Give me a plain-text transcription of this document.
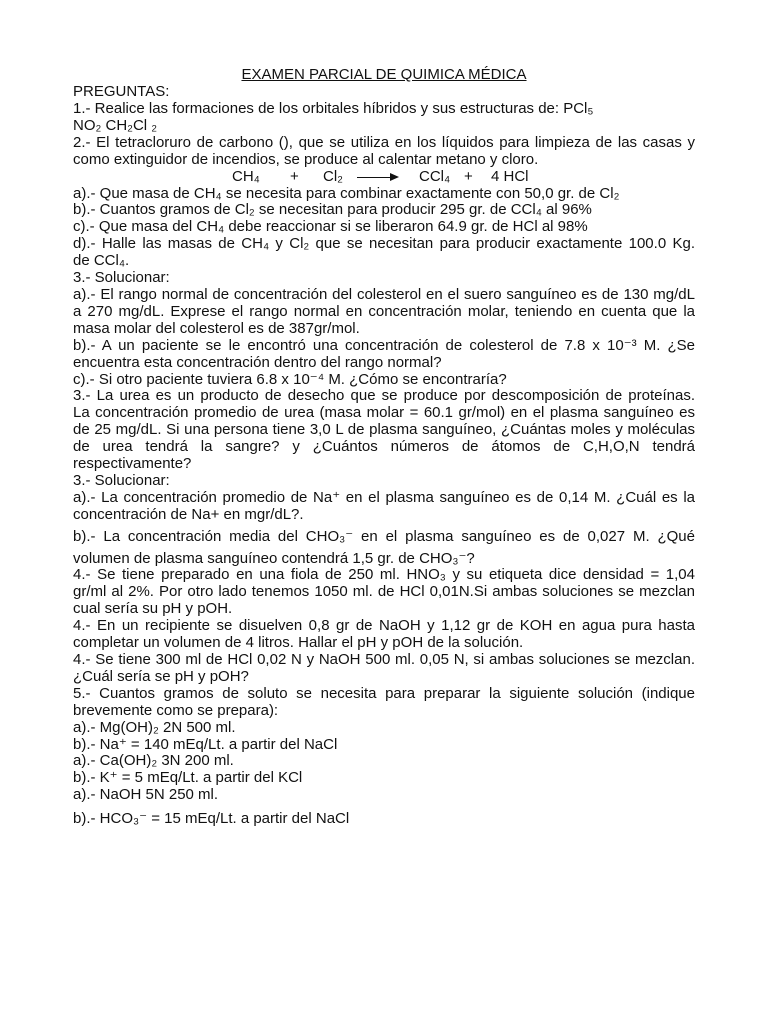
EXAMEN PARCIAL DE QUIMICA MÉDICA
PREGUNTAS:
1.- Realice las formaciones de los orbitales híbridos y sus estructuras de: PCl₅
NO₂ CH₂Cl ₂
2.- El tetracloruro de carbono (), que se utiliza en los líquidos para limpieza de las casas y
como extinguidor de incendios, se produce al calentar metano y cloro.
CH₄ + Cl₂	CCl₄ + 4 HCl
a).- Que masa de CH₄ se necesita para combinar exactamente con 50,0 gr. de Cl₂
b).- Cuantos gramos de Cl₂ se necesitan para producir 295 gr. de CCl₄ al 96%
c).- Que masa del CH₄ debe reaccionar si se liberaron 64.9 gr. de HCl al 98%
d).- Halle las masas de CH₄ y Cl₂ que se necesitan para producir exactamente 100.0 Kg.
de CCl₄.
3.- Solucionar:
a).- El rango normal de concentración del colesterol en el suero sanguíneo es de 130 mg/dL
a 270 mg/dL. Exprese el rango normal en concentración molar, teniendo en cuenta que la
masa molar del colesterol es de 387gr/mol.
b).- A un paciente se le encontró una concentración de colesterol de 7.8 x 10⁻³ M. ¿Se
encuentra esta concentración dentro del rango normal?
c).- Si otro paciente tuviera 6.8 x 10⁻⁴ M. ¿Cómo se encontraría?
3.- La urea es un producto de desecho que se produce por descomposición de proteínas.
La concentración promedio de urea (masa molar = 60.1 gr/mol) en el plasma sanguíneo es
de 25 mg/dL. Si una persona tiene 3,0 L de plasma sanguíneo, ¿Cuántas moles y moléculas
de urea tendrá la sangre? y ¿Cuántos números de átomos de C,H,O,N tendrá
respectivamente?
3.- Solucionar:
a).- La concentración promedio de Na⁺ en el plasma sanguíneo es de 0,14 M. ¿Cuál es la
concentración de Na+ en mgr/dL?.
b).- La concentración media del CHO₃⁻ en el plasma sanguíneo es de 0,027 M. ¿Qué
volumen de plasma sanguíneo contendrá 1,5 gr. de CHO₃⁻?
4.- Se tiene preparado en una fiola de 250 ml. HNO₃ y su etiqueta dice densidad = 1,04
gr/ml al 2%. Por otro lado tenemos 1050 ml. de HCl 0,01N.Si ambas soluciones se mezclan
cual sería su pH y pOH.
4.- En un recipiente se disuelven 0,8 gr de NaOH y 1,12 gr de KOH en agua pura hasta
completar un volumen de 4 litros. Hallar el pH y pOH de la solución.
4.- Se tiene 300 ml de HCl 0,02 N y NaOH 500 ml. 0,05 N, si ambas soluciones se mezclan.
¿Cuál sería se pH y pOH?
5.- Cuantos gramos de soluto se necesita para preparar la siguiente solución (indique
brevemente como se prepara):
a).- Mg(OH)₂ 2N 500 ml.
b).- Na⁺ = 140 mEq/Lt. a partir del NaCl
a).- Ca(OH)₂ 3N 200 ml.
b).- K⁺ = 5 mEq/Lt. a partir del KCl
a).- NaOH 5N 250 ml.
b).- HCO₃⁻ = 15 mEq/Lt. a partir del NaCl
